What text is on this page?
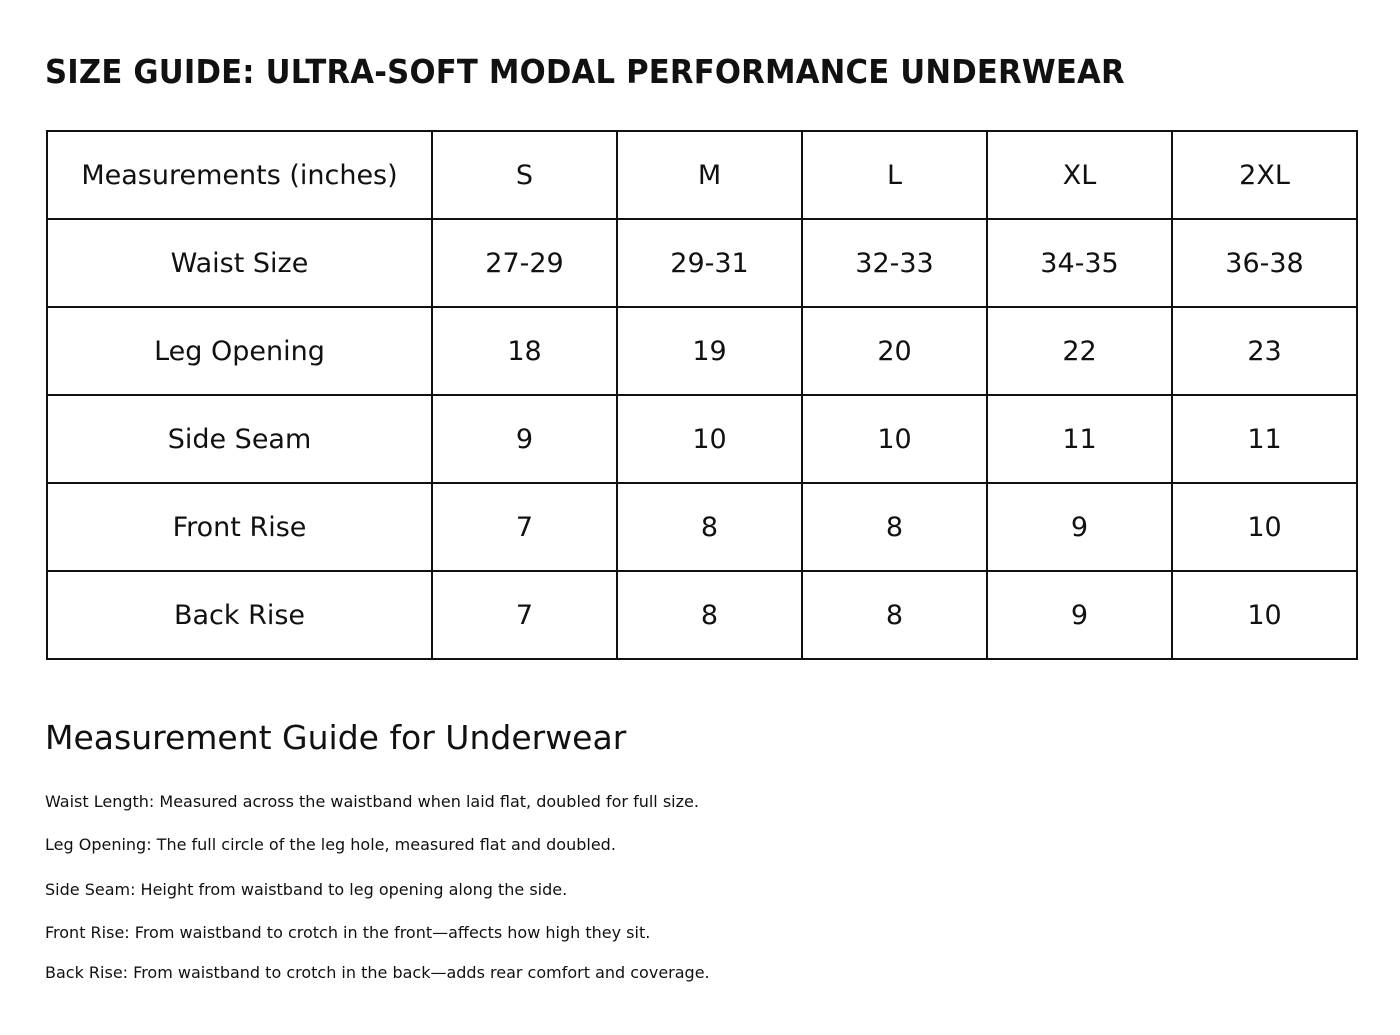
SIZE GUIDE: ULTRA-SOFT MODAL PERFORMANCE UNDERWEAR
Measurements (inches)	S	M	L	XL	2XL
Waist Size	27-29	29-31	32-33	34-35	36-38
Leg Opening	18	19	20	22	23
Side Seam	9	10	10	11	11
Front Rise	7	8	8	9	10
Back Rise	7	8	8	9	10
Measurement Guide for Underwear

Waist Length: Measured across the waistband when laid flat, doubled for full size.

Leg Opening: The full circle of the leg hole, measured flat and doubled.

Side Seam: Height from waistband to leg opening along the side.

Front Rise: From waistband to crotch in the front—affects how high they sit.

Back Rise: From waistband to crotch in the back—adds rear comfort and coverage.
